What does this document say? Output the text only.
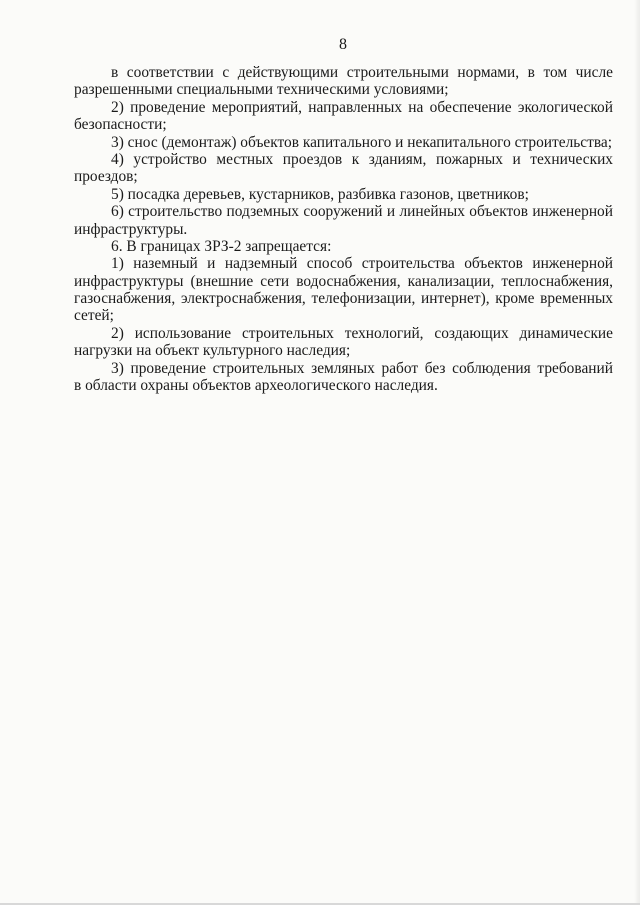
8
в соответствии с действующими строительными нормами, в том числе
разрешенными специальными техническими условиями;
2) проведение мероприятий, направленных на обеспечение экологической
безопасности;
3) снос (демонтаж) объектов капитального и некапитального строительства;
4) устройство местных проездов к зданиям, пожарных и технических
проездов;
5) посадка деревьев, кустарников, разбивка газонов, цветников;
6) строительство подземных сооружений и линейных объектов инженерной
инфраструктуры.
6. В границах ЗРЗ-2 запрещается:
1) наземный и надземный способ строительства объектов инженерной
инфраструктуры (внешние сети водоснабжения, канализации, теплоснабжения,
газоснабжения, электроснабжения, телефонизации, интернет), кроме временных
сетей;
2) использование строительных технологий, создающих динамические
нагрузки на объект культурного наследия;
3) проведение строительных земляных работ без соблюдения требований
в области охраны объектов археологического наследия.
